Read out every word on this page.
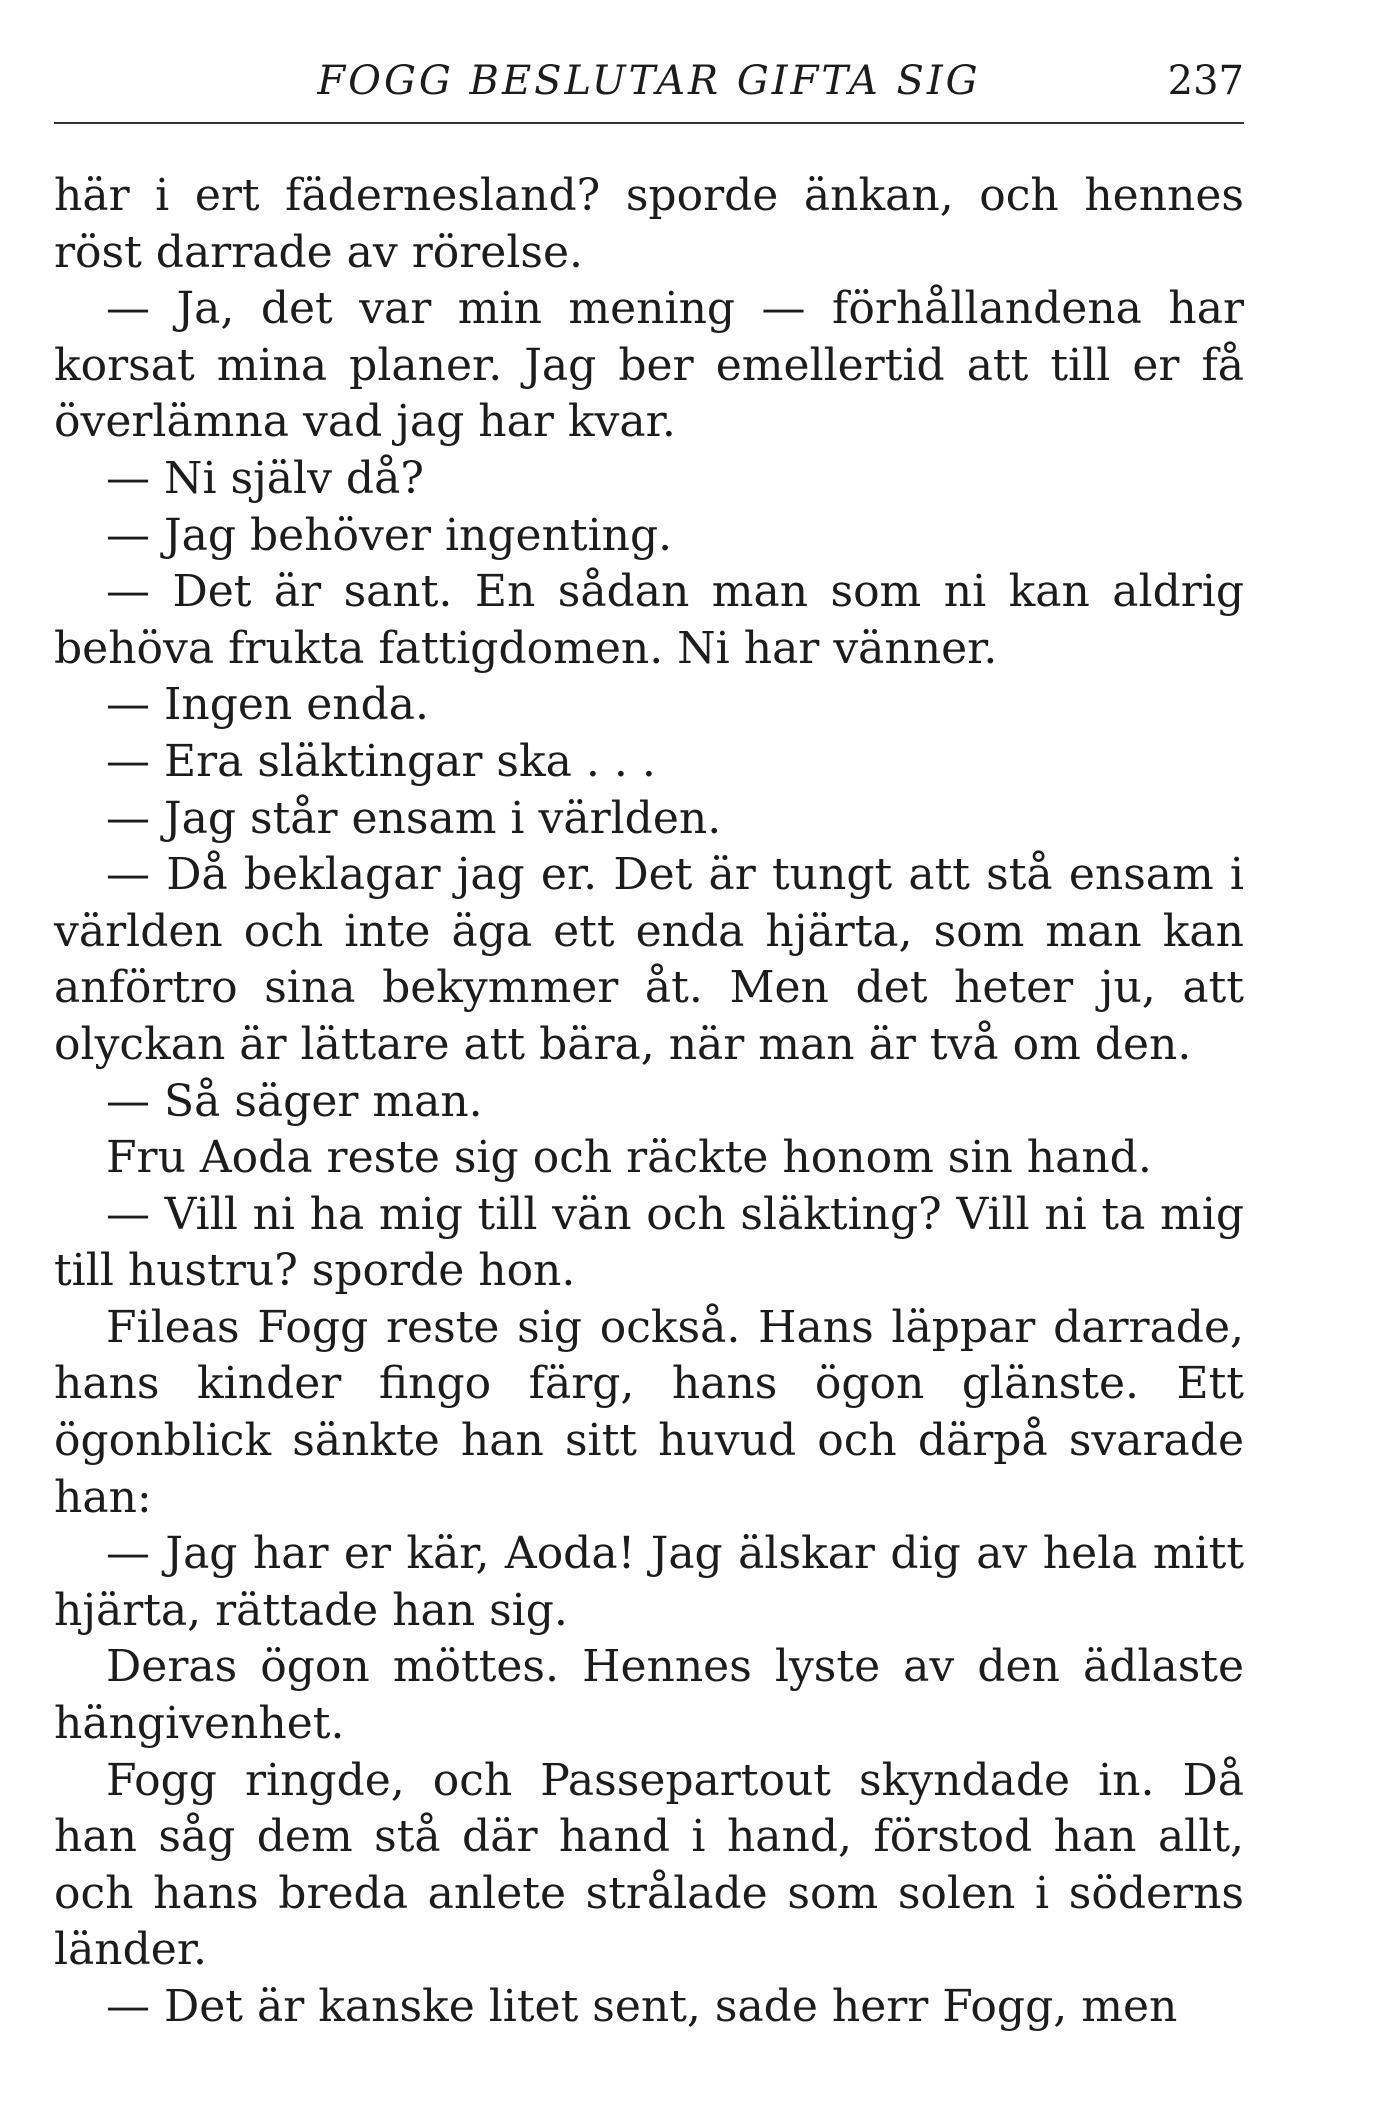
FOGG BESLUTAR GIFTA SIG	237

här i ert fädernesland? sporde änkan, och hennes röst darrade av rörelse.

— Ja, det var min mening — förhållandena har korsat mina planer. Jag ber emellertid att till er få överlämna vad jag har kvar.

— Ni själv då?

— Jag behöver ingenting.

— Det är sant. En sådan man som ni kan aldrig behöva frukta fattigdomen. Ni har vänner.

— Ingen enda.

— Era släktingar ska . . .

— Jag står ensam i världen.

— Då beklagar jag er. Det är tungt att stå ensam i världen och inte äga ett enda hjärta, som man kan anförtro sina bekymmer åt. Men det heter ju, att olyckan är lättare att bära, när man är två om den.

— Så säger man.

Fru Aoda reste sig och räckte honom sin hand.

— Vill ni ha mig till vän och släkting? Vill ni ta mig till hustru? sporde hon.

Fileas Fogg reste sig också. Hans läppar darrade, hans kinder fingo färg, hans ögon glänste. Ett ögonblick sänkte han sitt huvud och därpå svarade han:

— Jag har er kär, Aoda! Jag älskar dig av hela mitt hjärta, rättade han sig.

Deras ögon möttes. Hennes lyste av den ädlaste hängivenhet.

Fogg ringde, och Passepartout skyndade in. Då han såg dem stå där hand i hand, förstod han allt, och hans breda anlete strålade som solen i söderns länder.

— Det är kanske litet sent, sade herr Fogg, men
